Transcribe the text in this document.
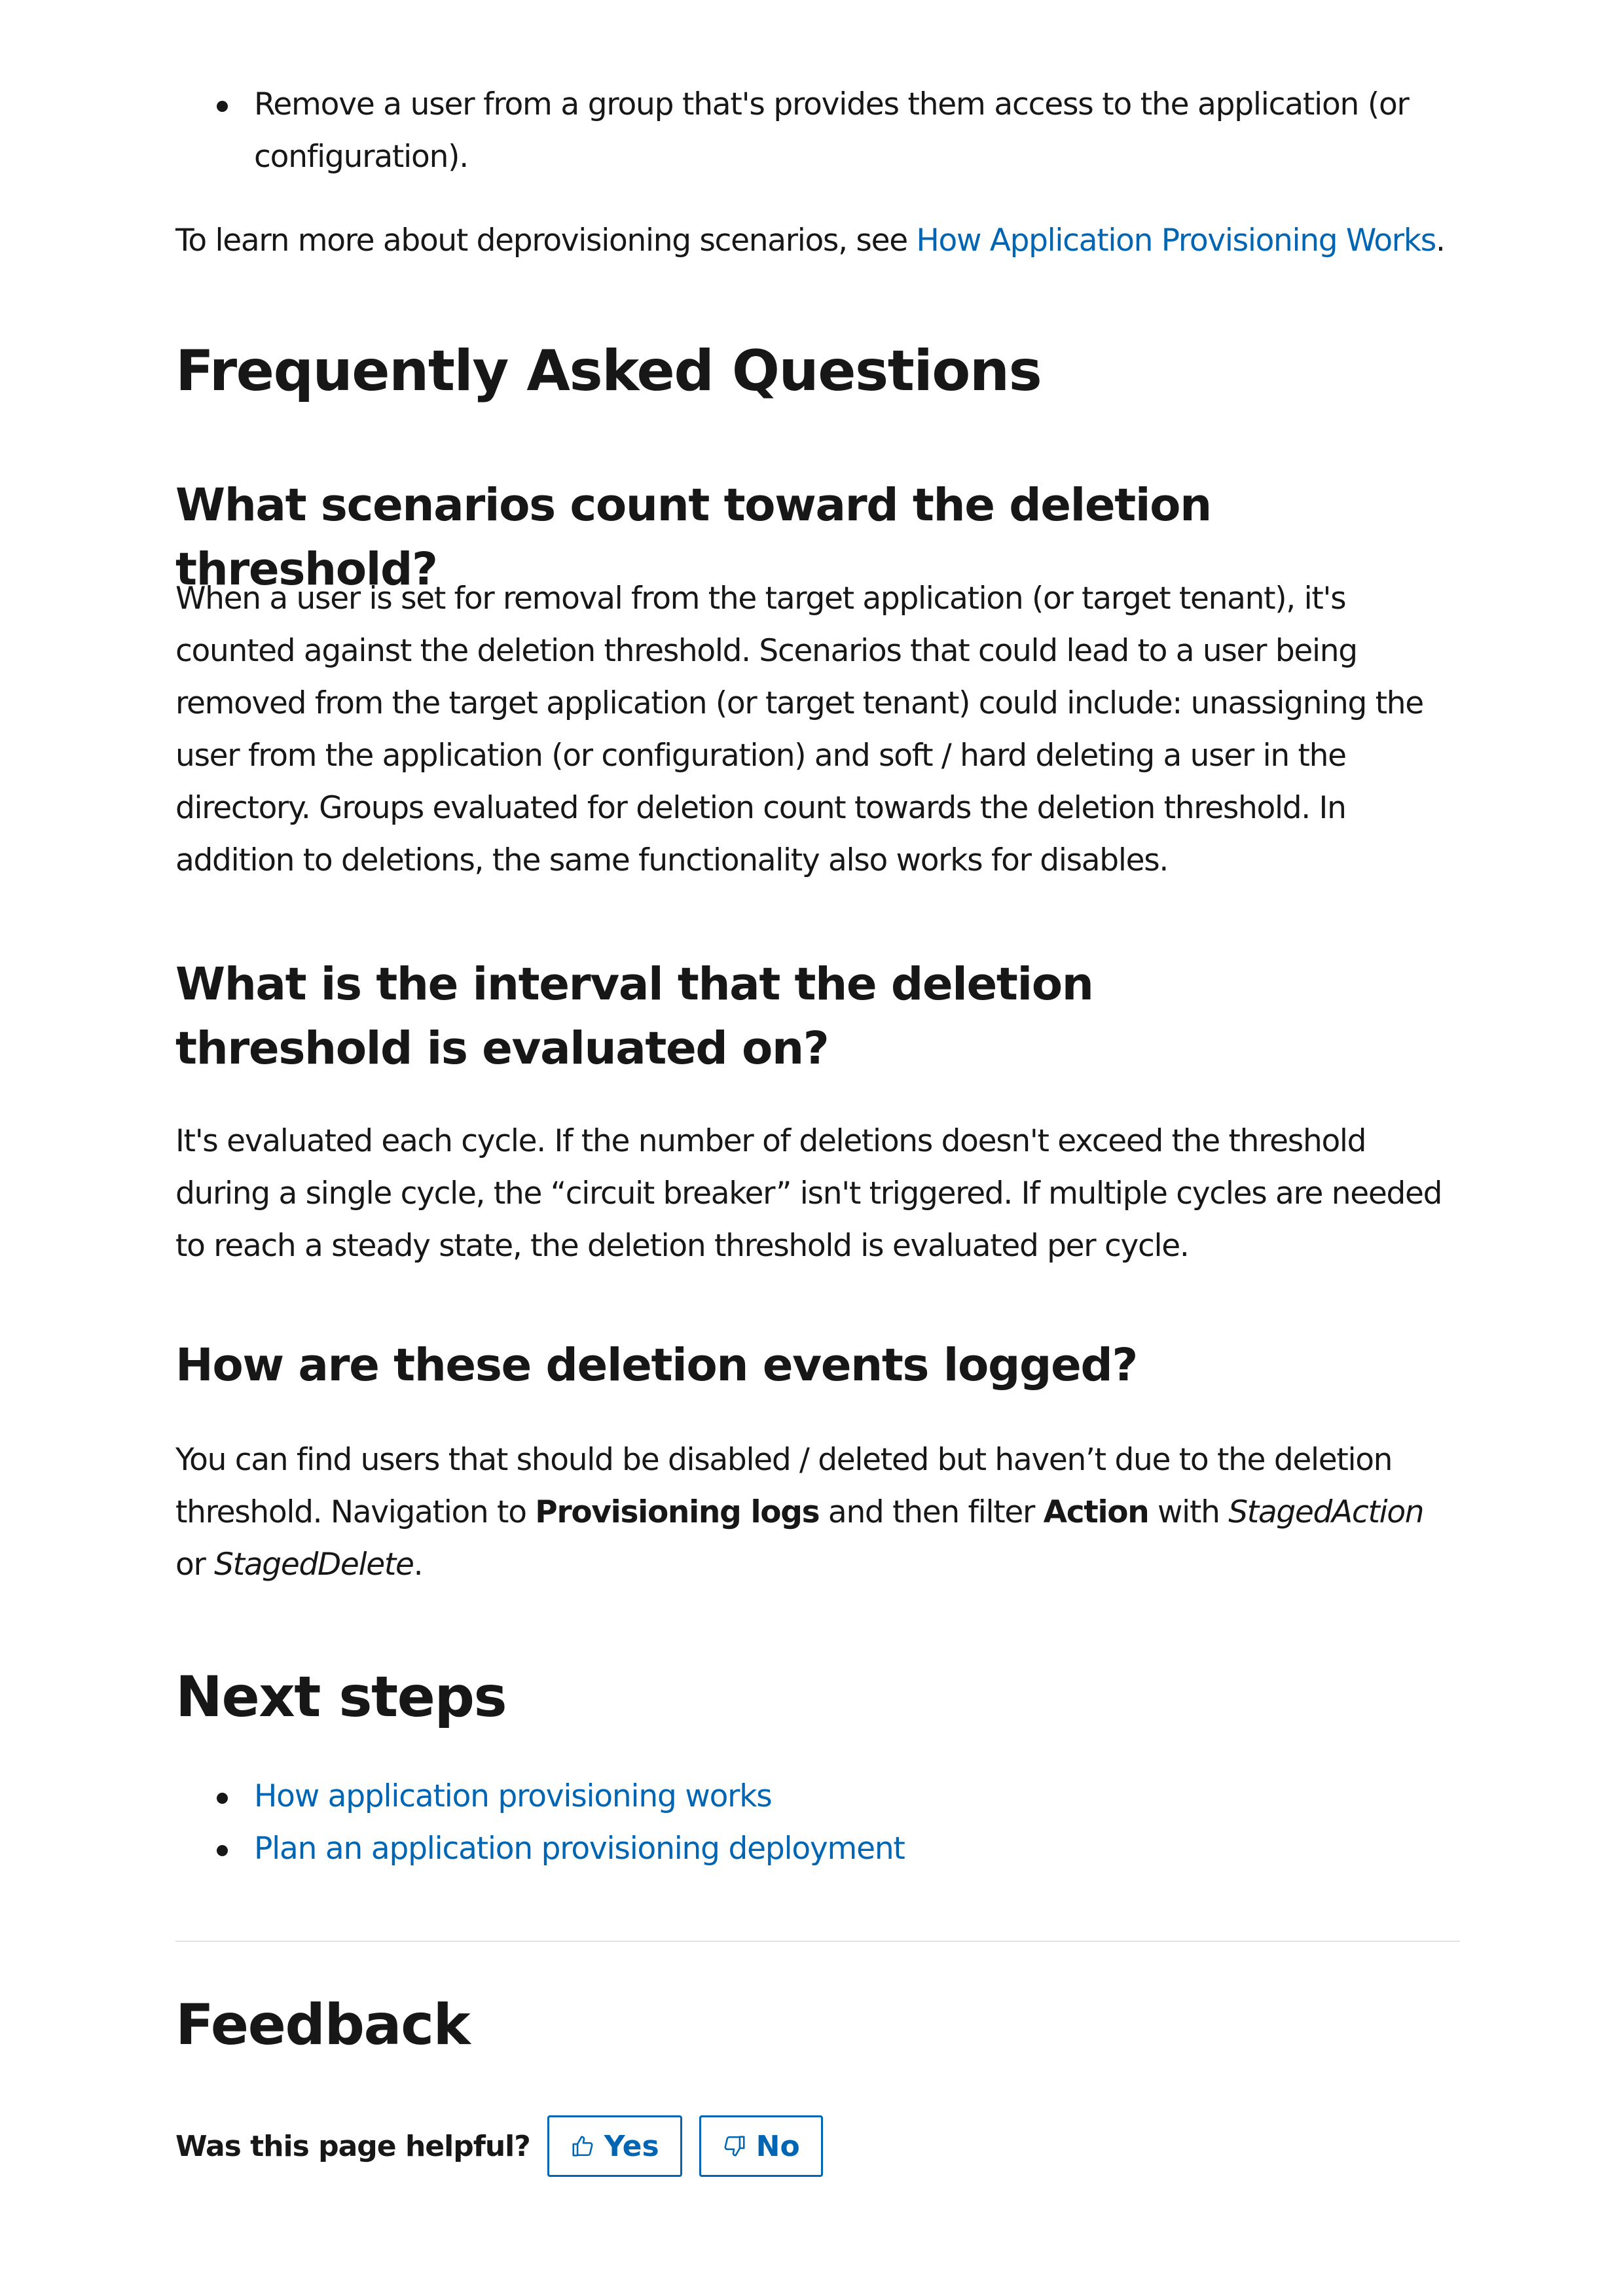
Remove a user from a group that's provides them access to the application (or configuration).

To learn more about deprovisioning scenarios, see How Application Provisioning Works.

Frequently Asked Questions
What scenarios count toward the deletion threshold?

When a user is set for removal from the target application (or target tenant), it's counted against the deletion threshold. Scenarios that could lead to a user being removed from the target application (or target tenant) could include: unassigning the user from the application (or configuration) and soft / hard deleting a user in the directory. Groups evaluated for deletion count towards the deletion threshold. In addition to deletions, the same functionality also works for disables.

What is the interval that the deletion threshold is evaluated on?

It's evaluated each cycle. If the number of deletions doesn't exceed the threshold during a single cycle, the “circuit breaker” isn't triggered. If multiple cycles are needed to reach a steady state, the deletion threshold is evaluated per cycle.

How are these deletion events logged?

You can find users that should be disabled / deleted but haven’t due to the deletion threshold. Navigation to Provisioning logs and then filter Action with StagedAction or StagedDelete.

Next steps
How application provisioning works
Plan an application provisioning deployment
Feedback
Was this page helpful?	Yes	No
